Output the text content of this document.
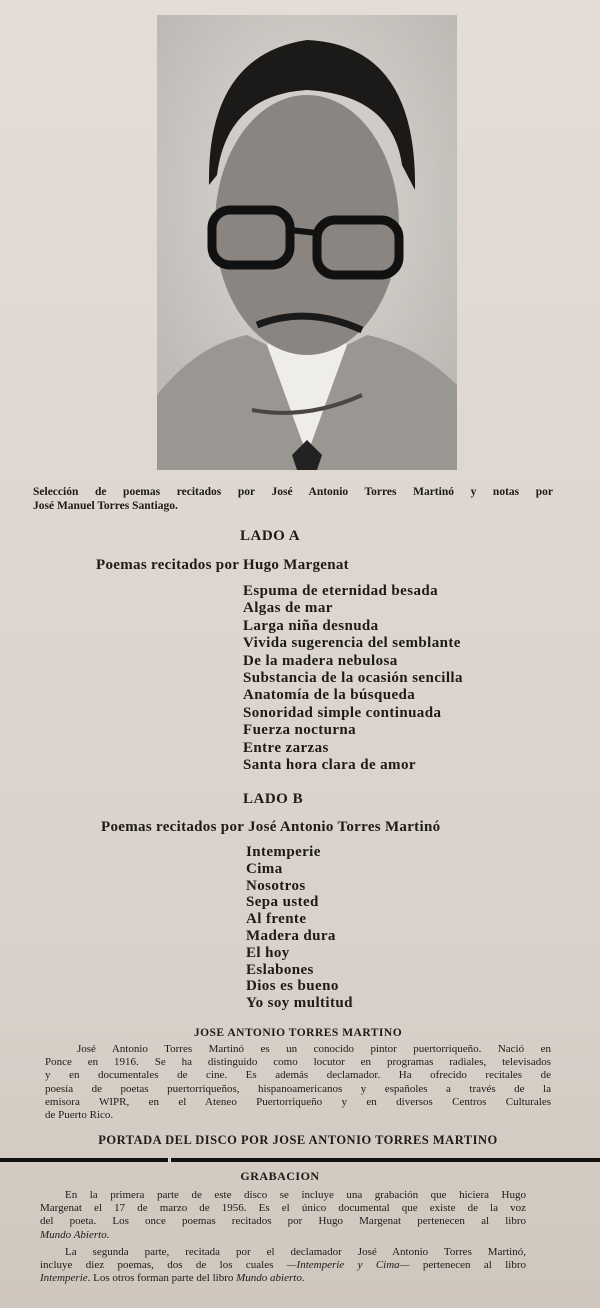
Selección de poemas recitados por José Antonio Torres Martinó y notas por
José Manuel Torres Santiago.
LADO A
Poemas recitados por Hugo Margenat
Espuma de eternidad besada
Algas de mar
Larga niña desnuda
Vivida sugerencia del semblante
De la madera nebulosa
Substancia de la ocasión sencilla
Anatomía de la búsqueda
Sonoridad simple continuada
Fuerza nocturna
Entre zarzas
Santa hora clara de amor
LADO B
Poemas recitados por José Antonio Torres Martinó
Intemperie
Cima
Nosotros
Sepa usted
Al frente
Madera dura
El hoy
Eslabones
Dios es bueno
Yo soy multitud
JOSE ANTONIO TORRES MARTINO
José Antonio Torres Martinó es un conocido pintor puertorriqueño. Nació en
Ponce en 1916. Se ha distinguido como locutor en programas radiales, televisados
y en documentales de cine. Es además declamador. Ha ofrecido recitales de
poesía de poetas puertorriqueños, hispanoamericanos y españoles a través de la
emisora WIPR, en el Ateneo Puertorriqueño y en diversos Centros Culturales
de Puerto Rico.
PORTADA DEL DISCO POR JOSE ANTONIO TORRES MARTINO
GRABACION
En la primera parte de este disco se incluye una grabación que hiciera Hugo
Margenat el 17 de marzo de 1956. Es el único documental que existe de la voz
del poeta. Los once poemas recitados por Hugo Margenat pertenecen al libro
Mundo Abierto.
La segunda parte, recitada por el declamador José Antonio Torres Martinó,
incluye diez poemas, dos de los cuales —Intemperie y Cima— pertenecen al libro
Intemperie. Los otros forman parte del libro Mundo abierto.
